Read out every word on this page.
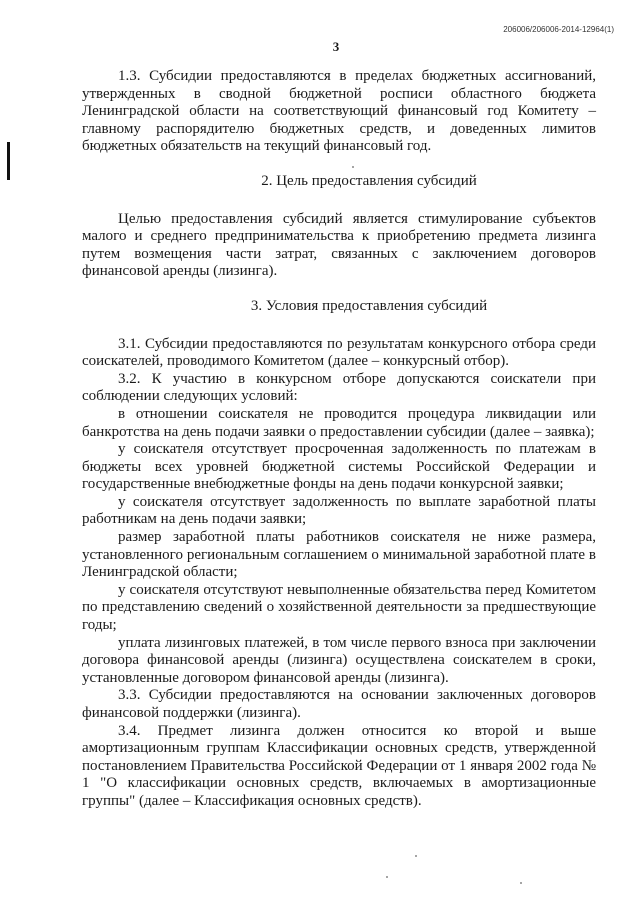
206006/206006-2014-12964(1)
3

1.3. Субсидии предоставляются в пределах бюджетных ассигнований, утвержденных в сводной бюджетной росписи областного бюджета Ленинградской области на соответствующий финансовый год Комитету – главному распорядителю бюджетных средств, и доведенных лимитов бюджетных обязательств на текущий финансовый год.

2. Цель предоставления субсидий

Целью предоставления субсидий является стимулирование субъектов малого и среднего предпринимательства к приобретению предмета лизинга путем возмещения части затрат, связанных с заключением договоров финансовой аренды (лизинга).

3. Условия предоставления субсидий

3.1. Субсидии предоставляются по результатам конкурсного отбора среди соискателей, проводимого Комитетом (далее – конкурсный отбор).

3.2. К участию в конкурсном отборе допускаются соискатели при соблюдении следующих условий:

в отношении соискателя не проводится процедура ликвидации или банкротства на день подачи заявки о предоставлении субсидии (далее – заявка);

у соискателя отсутствует просроченная задолженность по платежам в бюджеты всех уровней бюджетной системы Российской Федерации и государственные внебюджетные фонды на день подачи конкурсной заявки;

у соискателя отсутствует задолженность по выплате заработной платы работникам на день подачи заявки;

размер заработной платы работников соискателя не ниже размера, установленного региональным соглашением о минимальной заработной плате в Ленинградской области;

у соискателя отсутствуют невыполненные обязательства перед Комитетом по представлению сведений о хозяйственной деятельности за предшествующие годы;

уплата лизинговых платежей, в том числе первого взноса при заключении договора финансовой аренды (лизинга) осуществлена соискателем в сроки, установленные договором финансовой аренды (лизинга).

3.3. Субсидии предоставляются на основании заключенных договоров финансовой поддержки (лизинга).

3.4. Предмет лизинга должен относится ко второй и выше амортизационным группам Классификации основных средств, утвержденной постановлением Правительства Российской Федерации от 1 января 2002 года № 1 "О классификации основных средств, включаемых в амортизационные группы" (далее – Классификация основных средств).
